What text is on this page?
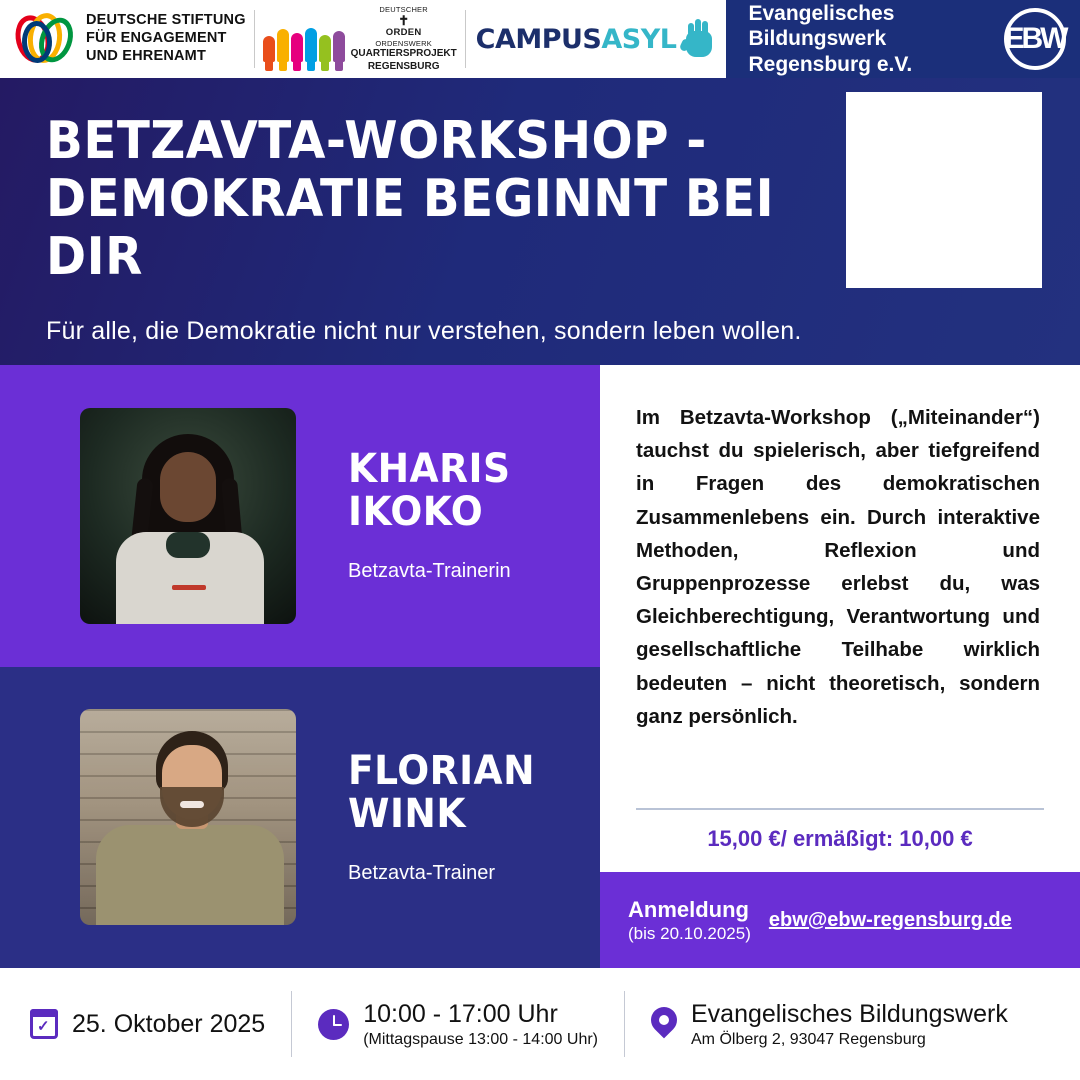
DEUTSCHE STIFTUNG
FÜR ENGAGEMENT
UND EHRENAMT
DEUTSCHER
✝
ORDEN
ORDENSWERK
QUARTIERSPROJEKT
REGENSBURG
CAMPUSASYL
Evangelisches Bildungswerk
Regensburg e.V.
EBW
BETZAVTA-WORKSHOP - DEMOKRATIE BEGINNT BEI DIR
Für alle, die Demokratie nicht nur verstehen, sondern leben wollen.
KHARIS
IKOKO
Betzavta-Trainerin
FLORIAN
WINK
Betzavta-Trainer
Im Betzavta-Workshop („Miteinander“) tauchst du spielerisch, aber tiefgreifend in Fragen des demokratischen Zusammenlebens ein. Durch interaktive Methoden, Reflexion und Gruppenprozesse erlebst du, was Gleichberechtigung, Verantwortung und gesellschaftliche Teilhabe wirklich bedeuten – nicht theoretisch, sondern ganz persönlich.
15,00 €/ ermäßigt: 10,00 €
Anmeldung
(bis 20.10.2025)
ebw@ebw-regensburg.de
✓
25. Oktober 2025	10:00 - 17:00 Uhr
(Mittagspause 13:00 - 14:00 Uhr)
Evangelisches Bildungswerk
Am Ölberg 2, 93047 Regensburg
